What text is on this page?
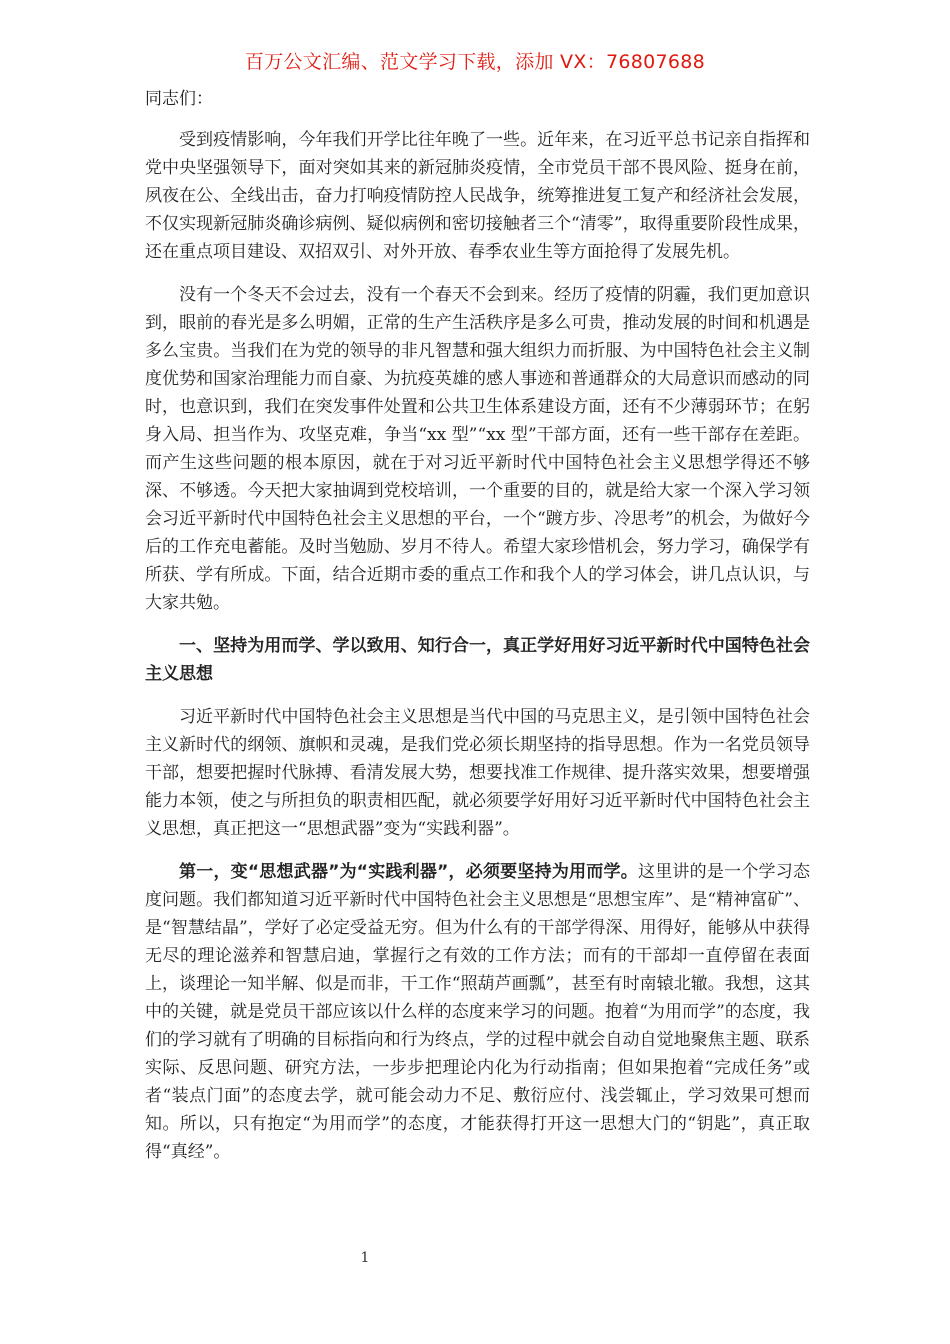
百万公文汇编、范文学习下载，添加 VX：76807688

同志们：

受到疫情影响，今年我们开学比往年晚了一些。近年来，在习近平总书记亲自指挥和党中央坚强领导下，面对突如其来的新冠肺炎疫情，全市党员干部不畏风险、挺身在前，夙夜在公、全线出击，奋力打响疫情防控人民战争，统筹推进复工复产和经济社会发展，不仅实现新冠肺炎确诊病例、疑似病例和密切接触者三个“清零”，取得重要阶段性成果，还在重点项目建设、双招双引、对外开放、春季农业生等方面抢得了发展先机。

没有一个冬天不会过去，没有一个春天不会到来。经历了疫情的阴霾，我们更加意识到，眼前的春光是多么明媚，正常的生产生活秩序是多么可贵，推动发展的时间和机遇是多么宝贵。当我们在为党的领导的非凡智慧和强大组织力而折服、为中国特色社会主义制度优势和国家治理能力而自豪、为抗疫英雄的感人事迹和普通群众的大局意识而感动的同时，也意识到，我们在突发事件处置和公共卫生体系建设方面，还有不少薄弱环节；在躬身入局、担当作为、攻坚克难，争当“xx 型”“xx 型”干部方面，还有一些干部存在差距。而产生这些问题的根本原因，就在于对习近平新时代中国特色社会主义思想学得还不够深、不够透。今天把大家抽调到党校培训，一个重要的目的，就是给大家一个深入学习领会习近平新时代中国特色社会主义思想的平台，一个“踱方步、冷思考”的机会，为做好今后的工作充电蓄能。及时当勉励、岁月不待人。希望大家珍惜机会，努力学习，确保学有所获、学有所成。下面，结合近期市委的重点工作和我个人的学习体会，讲几点认识，与大家共勉。

一、坚持为用而学、学以致用、知行合一，真正学好用好习近平新时代中国特色社会主义思想

习近平新时代中国特色社会主义思想是当代中国的马克思主义，是引领中国特色社会主义新时代的纲领、旗帜和灵魂，是我们党必须长期坚持的指导思想。作为一名党员领导干部，想要把握时代脉搏、看清发展大势，想要找准工作规律、提升落实效果，想要增强能力本领，使之与所担负的职责相匹配，就必须要学好用好习近平新时代中国特色社会主义思想，真正把这一“思想武器”变为“实践利器”。

第一，变“思想武器”为“实践利器”，必须要坚持为用而学。这里讲的是一个学习态度问题。我们都知道习近平新时代中国特色社会主义思想是“思想宝库”、是“精神富矿”、是“智慧结晶”，学好了必定受益无穷。但为什么有的干部学得深、用得好，能够从中获得无尽的理论滋养和智慧启迪，掌握行之有效的工作方法；而有的干部却一直停留在表面上，谈理论一知半解、似是而非，干工作“照葫芦画瓢”，甚至有时南辕北辙。我想，这其中的关键，就是党员干部应该以什么样的态度来学习的问题。抱着“为用而学”的态度，我们的学习就有了明确的目标指向和行为终点，学的过程中就会自动自觉地聚焦主题、联系实际、反思问题、研究方法，一步步把理论内化为行动指南；但如果抱着“完成任务”或者“装点门面”的态度去学，就可能会动力不足、敷衍应付、浅尝辄止，学习效果可想而知。所以，只有抱定“为用而学”的态度，才能获得打开这一思想大门的“钥匙”，真正取得“真经”。

1
